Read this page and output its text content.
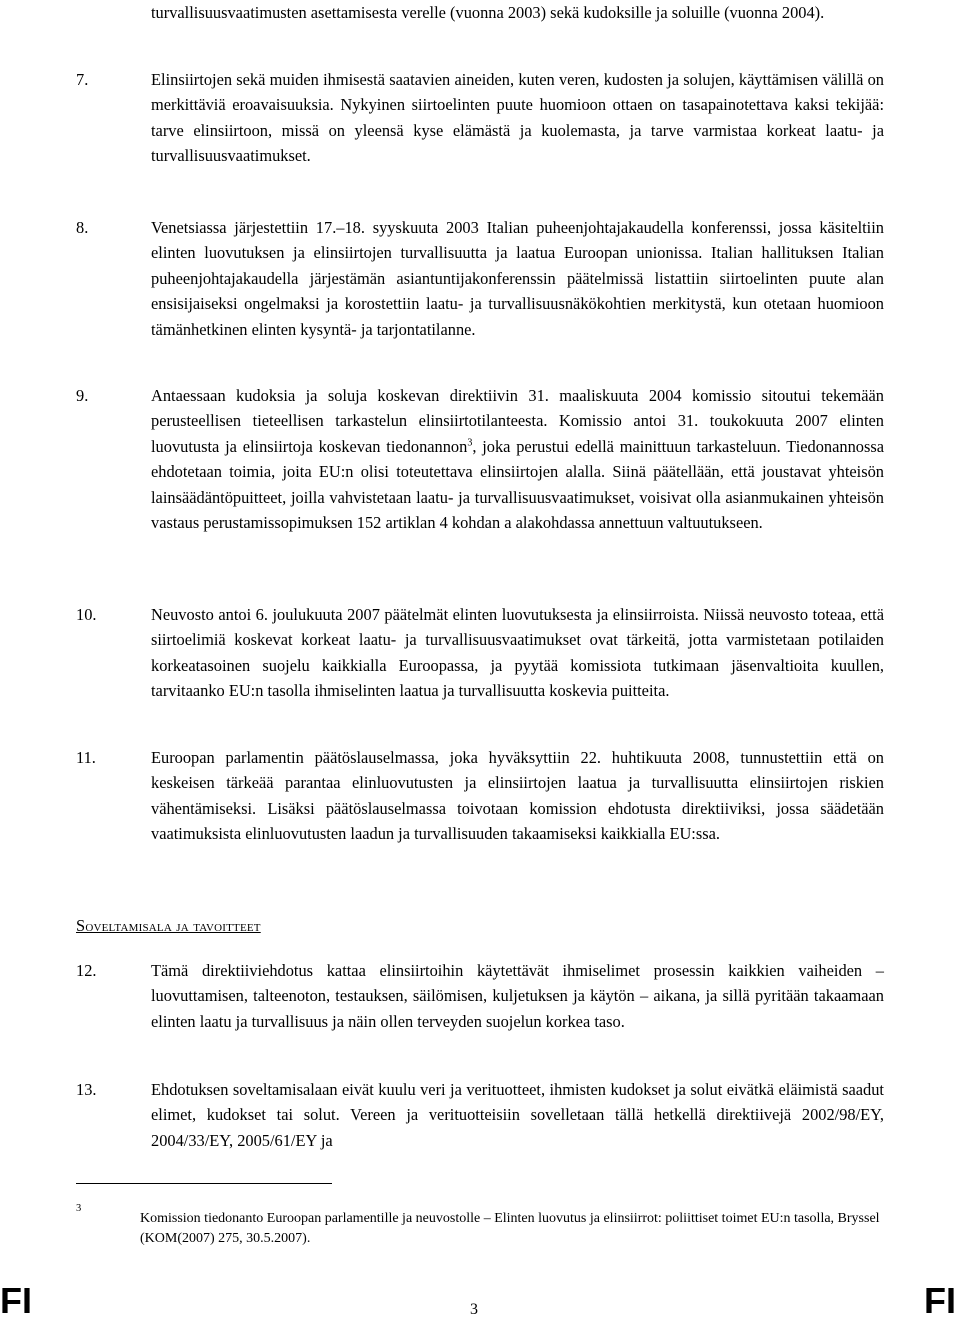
turvallisuusvaatimusten asettamisesta verelle (vuonna 2003) sekä kudoksille ja soluille (vuonna 2004).
7.	Elinsiirtojen sekä muiden ihmisestä saatavien aineiden, kuten veren, kudosten ja solujen, käyttämisen välillä on merkittäviä eroavaisuuksia. Nykyinen siirtoelinten puute huomioon ottaen on tasapainotettava kaksi tekijää: tarve elinsiirtoon, missä on yleensä kyse elämästä ja kuolemasta, ja tarve varmistaa korkeat laatu- ja turvallisuusvaatimukset.
8.	Venetsiassa järjestettiin 17.–18. syyskuuta 2003 Italian puheenjohtajakaudella konferenssi, jossa käsiteltiin elinten luovutuksen ja elinsiirtojen turvallisuutta ja laatua Euroopan unionissa. Italian hallituksen Italian puheenjohtajakaudella järjestämän asiantuntijakonferenssin päätelmissä listattiin siirtoelinten puute alan ensisijaiseksi ongelmaksi ja korostettiin laatu- ja turvallisuusnäkökohtien merkitystä, kun otetaan huomioon tämänhetkinen elinten kysyntä- ja tarjontatilanne.
9.	Antaessaan kudoksia ja soluja koskevan direktiivin 31. maaliskuuta 2004 komissio sitoutui tekemään perusteellisen tieteellisen tarkastelun elinsiirtotilanteesta. Komissio antoi 31. toukokuuta 2007 elinten luovutusta ja elinsiirtoja koskevan tiedonannon$^3$, joka perustui edellä mainittuun tarkasteluun. Tiedonannossa ehdotetaan toimia, joita EU:n olisi toteutettava elinsiirtojen alalla. Siinä päätellään, että joustavat yhteisön lainsäädäntöpuitteet, joilla vahvistetaan laatu- ja turvallisuusvaatimukset, voisivat olla asianmukainen yhteisön vastaus perustamissopimuksen 152 artiklan 4 kohdan a alakohdassa annettuun valtuutukseen.
10.	Neuvosto antoi 6. joulukuuta 2007 päätelmät elinten luovutuksesta ja elinsiirroista. Niissä neuvosto toteaa, että siirtoelimiä koskevat korkeat laatu- ja turvallisuusvaatimukset ovat tärkeitä, jotta varmistetaan potilaiden korkeatasoinen suojelu kaikkialla Euroopassa, ja pyytää komissiota tutkimaan jäsenvaltioita kuullen, tarvitaanko EU:n tasolla ihmiselinten laatua ja turvallisuutta koskevia puitteita.
11.	Euroopan parlamentin päätöslauselmassa, joka hyväksyttiin 22. huhtikuuta 2008, tunnustettiin että on keskeisen tärkeää parantaa elinluovutusten ja elinsiirtojen laatua ja turvallisuutta elinsiirtojen riskien vähentämiseksi. Lisäksi päätöslauselmassa toivotaan komission ehdotusta direktiiviksi, jossa säädetään vaatimuksista elinluovutusten laadun ja turvallisuuden takaamiseksi kaikkialla EU:ssa.
Soveltamisala ja tavoitteet
12.	Tämä direktiiviehdotus kattaa elinsiirtoihin käytettävät ihmiselimet prosessin kaikkien vaiheiden – luovuttamisen, talteenoton, testauksen, säilömisen, kuljetuksen ja käytön – aikana, ja sillä pyritään takaamaan elinten laatu ja turvallisuus ja näin ollen terveyden suojelun korkea taso.
13.	Ehdotuksen soveltamisalaan eivät kuulu veri ja verituotteet, ihmisten kudokset ja solut eivätkä eläimistä saadut elimet, kudokset tai solut. Vereen ja verituotteisiin sovelletaan tällä hetkellä direktiivejä 2002/98/EY, 2004/33/EY, 2005/61/EY ja
3
Komission tiedonanto Euroopan parlamentille ja neuvostolle – Elinten luovutus ja elinsiirrot: poliittiset toimet EU:n tasolla, Bryssel (KOM(2007) 275, 30.5.2007).
FI	3	FI
